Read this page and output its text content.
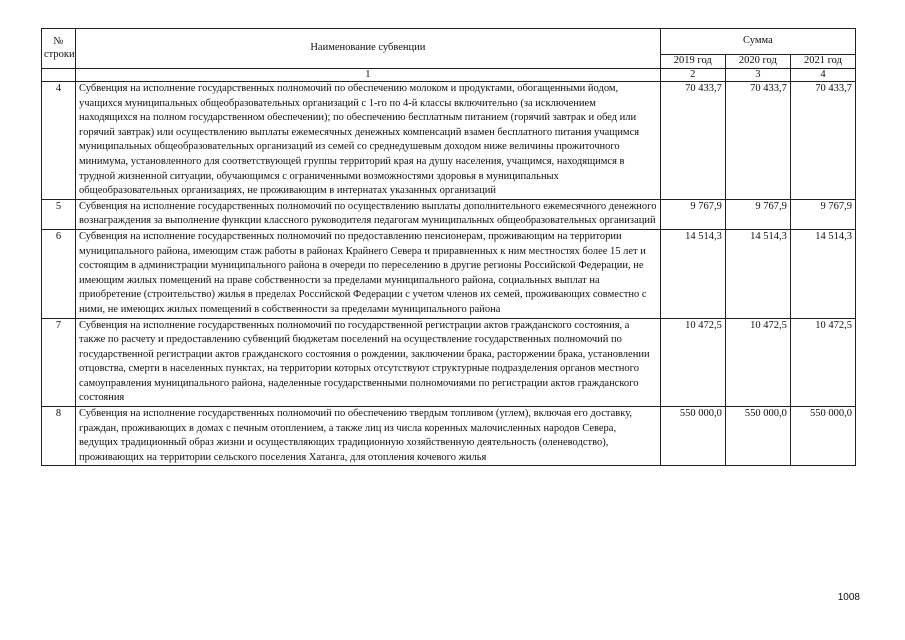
№ строки	Наименование субвенции	Сумма		
		2019 год	2020 год	2021 год
	1	2	3	4
4	Субвенция на исполнение государственных полномочий по обеспечению молоком и продуктами, обогащенными йодом, учащихся муниципальных общеобразовательных организаций с 1-го по 4-й классы включительно (за исключением находящихся на полном государственном обеспечении); по обеспечению бесплатным питанием (горячий завтрак и обед или горячий завтрак) или осуществлению выплаты ежемесячных денежных компенсаций взамен бесплатного питания учащимся муниципальных общеобразовательных организаций из семей со среднедушевым доходом ниже величины прожиточного минимума, установленного для соответствующей группы территорий края на душу населения, учащимся, находящимся в трудной жизненной ситуации, обучающимся с ограниченными возможностями здоровья в муниципальных общеобразовательных организациях, не проживающим в интернатах указанных организаций	70 433,7	70 433,7	70 433,7
5	Субвенция на исполнение государственных полномочий по осуществлению выплаты дополнительного ежемесячного денежного вознаграждения за выполнение функции классного руководителя педагогам муниципальных общеобразовательных организаций	9 767,9	9 767,9	9 767,9
6	Субвенция на исполнение государственных полномочий по предоставлению пенсионерам, проживающим на территории муниципального района, имеющим стаж работы в районах Крайнего Севера и приравненных к ним местностях более 15 лет и состоящим в администрации муниципального района в очереди по переселению в другие регионы Российской Федерации, не имеющим жилых помещений на праве собственности за пределами муниципального района, социальных выплат на приобретение (строительство) жилья в пределах Российской Федерации с учетом членов их семей, проживающих совместно с ними, не имеющих жилых помещений в собственности за пределами муниципального района	14 514,3	14 514,3	14 514,3
7	Субвенция на исполнение государственных полномочий по государственной регистрации актов гражданского состояния, а также по расчету и предоставлению субвенций бюджетам поселений на осуществление государственных полномочий по государственной регистрации актов гражданского состояния о рождении, заключении брака, расторжении брака, установлении отцовства, смерти в населенных пунктах, на территории которых отсутствуют структурные подразделения органов местного самоуправления муниципального района, наделенные государственными полномочиями по регистрации актов гражданского состояния	10 472,5	10 472,5	10 472,5
8	Субвенция на исполнение государственных полномочий по обеспечению твердым топливом (углем), включая его доставку, граждан, проживающих в домах с печным отоплением, а также лиц из числа коренных малочисленных народов Севера, ведущих традиционный образ жизни и осуществляющих традиционную хозяйственную деятельность (оленеводство), проживающих на территории сельского поселения Хатанга, для отопления кочевого жилья	550 000,0	550 000,0	550 000,0
1008
